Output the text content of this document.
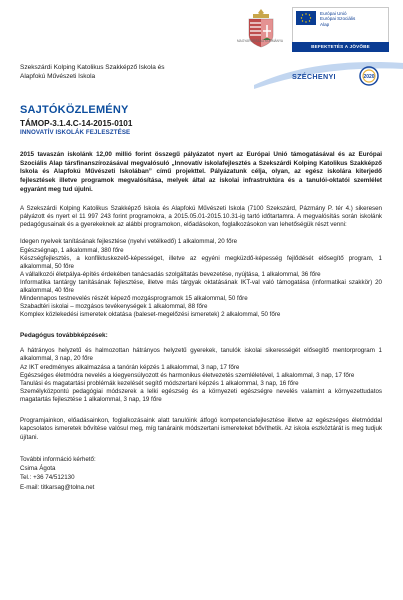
MAGYARORSZÁG KORMÁNYA
Európai Unió
Európai Szociális
Alap
BEFEKTETÉS A JÖVŐBE
SZÉCHENYI	2020

Szekszárdi Kolping Katolikus Szakképző Iskola és

Alapfokú Művészeti Iskola

SAJTÓKÖZLEMÉNY
TÁMOP-3.1.4.C-14-2015-0101
INNOVATÍV ISKOLÁK FEJLESZTÉSE

2015 tavaszán iskolánk 12,00 millió forint összegű pályázatot nyert az Európai Unió támogatásával és az Európai Szociális Alap társfinanszírozásával megvalósuló „Innovatív iskolafejlesztés a Szekszárdi Kolping Katolikus Szakképző Iskola és Alapfokú Művészeti Iskolában” című projekttel. Pályázatunk célja, olyan, az egész iskolára kiterjedő fejlesztések illetve programok megvalósítása, melyek által az iskolai infrastruktúra és a tanulói-oktatói szemlélet egyaránt meg tud újulni.

A Szekszárdi Kolping Katolikus Szakképző Iskola és Alapfokú Művészeti Iskola (7100 Szekszárd, Pázmány P. tér 4.) sikeresen pályázott és nyert el 11 997 243 forint programokra, a 2015.05.01-2015.10.31-ig tartó időtartamra. A megvalósítás során iskolánk pedagógusainak és a gyerekeknek az alábbi programokon, előadásokon, foglalkozásokon van lehetőségük részt venni:

Idegen nyelvek tanításának fejlesztése (nyelvi vetélkedő) 1 alkalommal, 20 főre
Egészségnap, 1 alkalommal, 380 főre
Készségfejlesztés, a konfliktuskezelő-képességet, illetve az egyéni megküzdő-képesség fejlődését elősegítő program, 1 alkalommal, 50 főre
A vállalkozói életpálya-építés érdekében tanácsadás szolgáltatás bevezetése, nyújtása, 1 alkalommal, 36 főre
Informatika tantárgy tanításának fejlesztése, illetve más tárgyak oktatásának IKT-val való támogatása (informatikai szakkör) 20 alkalommal, 40 főre
Mindennapos testnevelés részét képező mozgásprogramok 15 alkalommal, 50 főre
Szabadtéri iskolai – mozgásos tevékenységek 1 alkalommal, 88 főre
Komplex közlekedési ismeretek oktatása (baleset-megelőzési ismeretek) 2 alkalommal, 50 főre

Pedagógus továbbképzések:

A hátrányos helyzetű és halmozottan hátrányos helyzetű gyerekek, tanulók iskolai sikerességét elősegítő mentorprogram 1 alkalommal, 3 nap, 20 főre
Az IKT eredményes alkalmazása a tanórán képzés 1 alkalommal, 3 nap, 17 főre
Egészséges életmódra nevelés a kiegyensúlyozott és harmonikus életvezetés szemléletével, 1 alkalommal, 3 nap, 17 főre
Tanulási és magatartási problémák kezelését segítő módszertani képzés 1 alkalommal, 3 nap, 16 főre
Személyközpontú pedagógiai módszerek a lelki egészség és a környezeti egészségre nevelés valamint a környezettudatos magatartás fejlesztése 1 alkalommal, 3 nap, 19 főre

Programjainkon, előadásainkon, foglalkozásaink alatt tanulóink átfogó kompetenciafejlesztése illetve az egészséges életmóddal kapcsolatos ismeretek bővítése valósul meg, míg tanáraink módszertani ismereteket bővíthetik. Az iskola eszköztárát is meg tudjuk újítani.

További információ kérhető:
Csima Ágota
Tel.: +36 74/512130
E-mail: titkarsag@tolna.net
